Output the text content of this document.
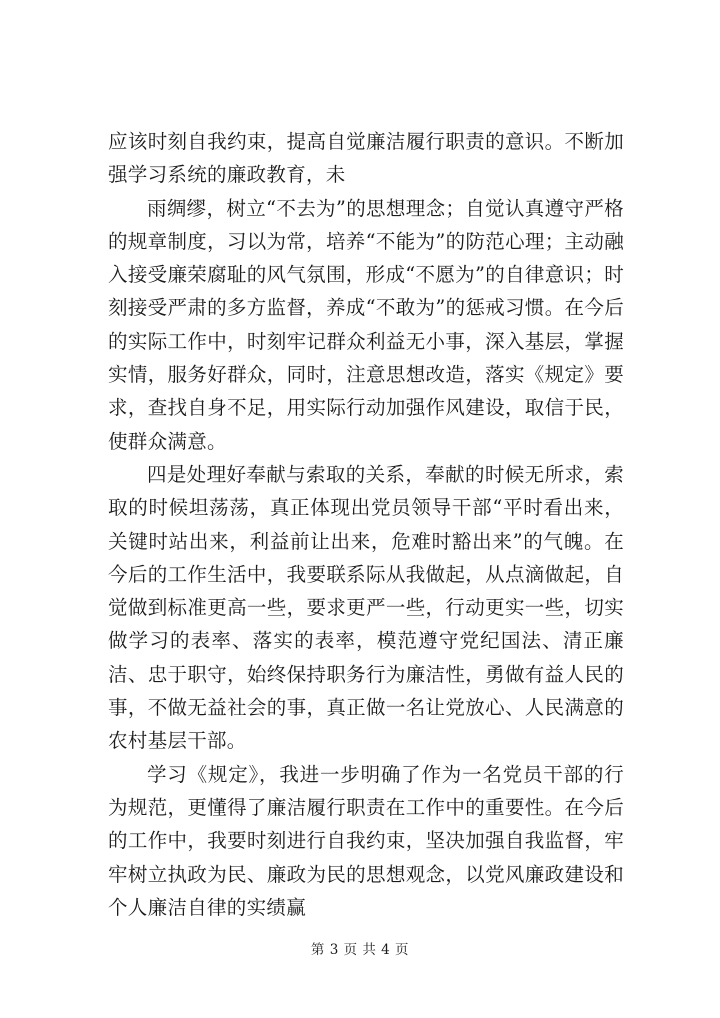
应该时刻自我约束，提高自觉廉洁履行职责的意识。不断加强学习系统的廉政教育，未

雨绸缪，树立“不去为”的思想理念；自觉认真遵守严格的规章制度，习以为常，培养“不能为”的防范心理；主动融入接受廉荣腐耻的风气氛围，形成“不愿为”的自律意识；时刻接受严肃的多方监督，养成“不敢为”的惩戒习惯。在今后的实际工作中，时刻牢记群众利益无小事，深入基层，掌握实情，服务好群众，同时，注意思想改造，落实《规定》要求，查找自身不足，用实际行动加强作风建设，取信于民，使群众满意。

四是处理好奉献与索取的关系，奉献的时候无所求，索取的时候坦荡荡，真正体现出党员领导干部“平时看出来，关键时站出来，利益前让出来，危难时豁出来”的气魄。在今后的工作生活中，我要联系际从我做起，从点滴做起，自觉做到标准更高一些，要求更严一些，行动更实一些，切实做学习的表率、落实的表率，模范遵守党纪国法、清正廉洁、忠于职守，始终保持职务行为廉洁性，勇做有益人民的事，不做无益社会的事，真正做一名让党放心、人民满意的农村基层干部。

学习《规定》，我进一步明确了作为一名党员干部的行为规范，更懂得了廉洁履行职责在工作中的重要性。在今后的工作中，我要时刻进行自我约束，坚决加强自我监督，牢牢树立执政为民、廉政为民的思想观念，以党风廉政建设和个人廉洁自律的实绩赢

第 3 页 共 4 页
